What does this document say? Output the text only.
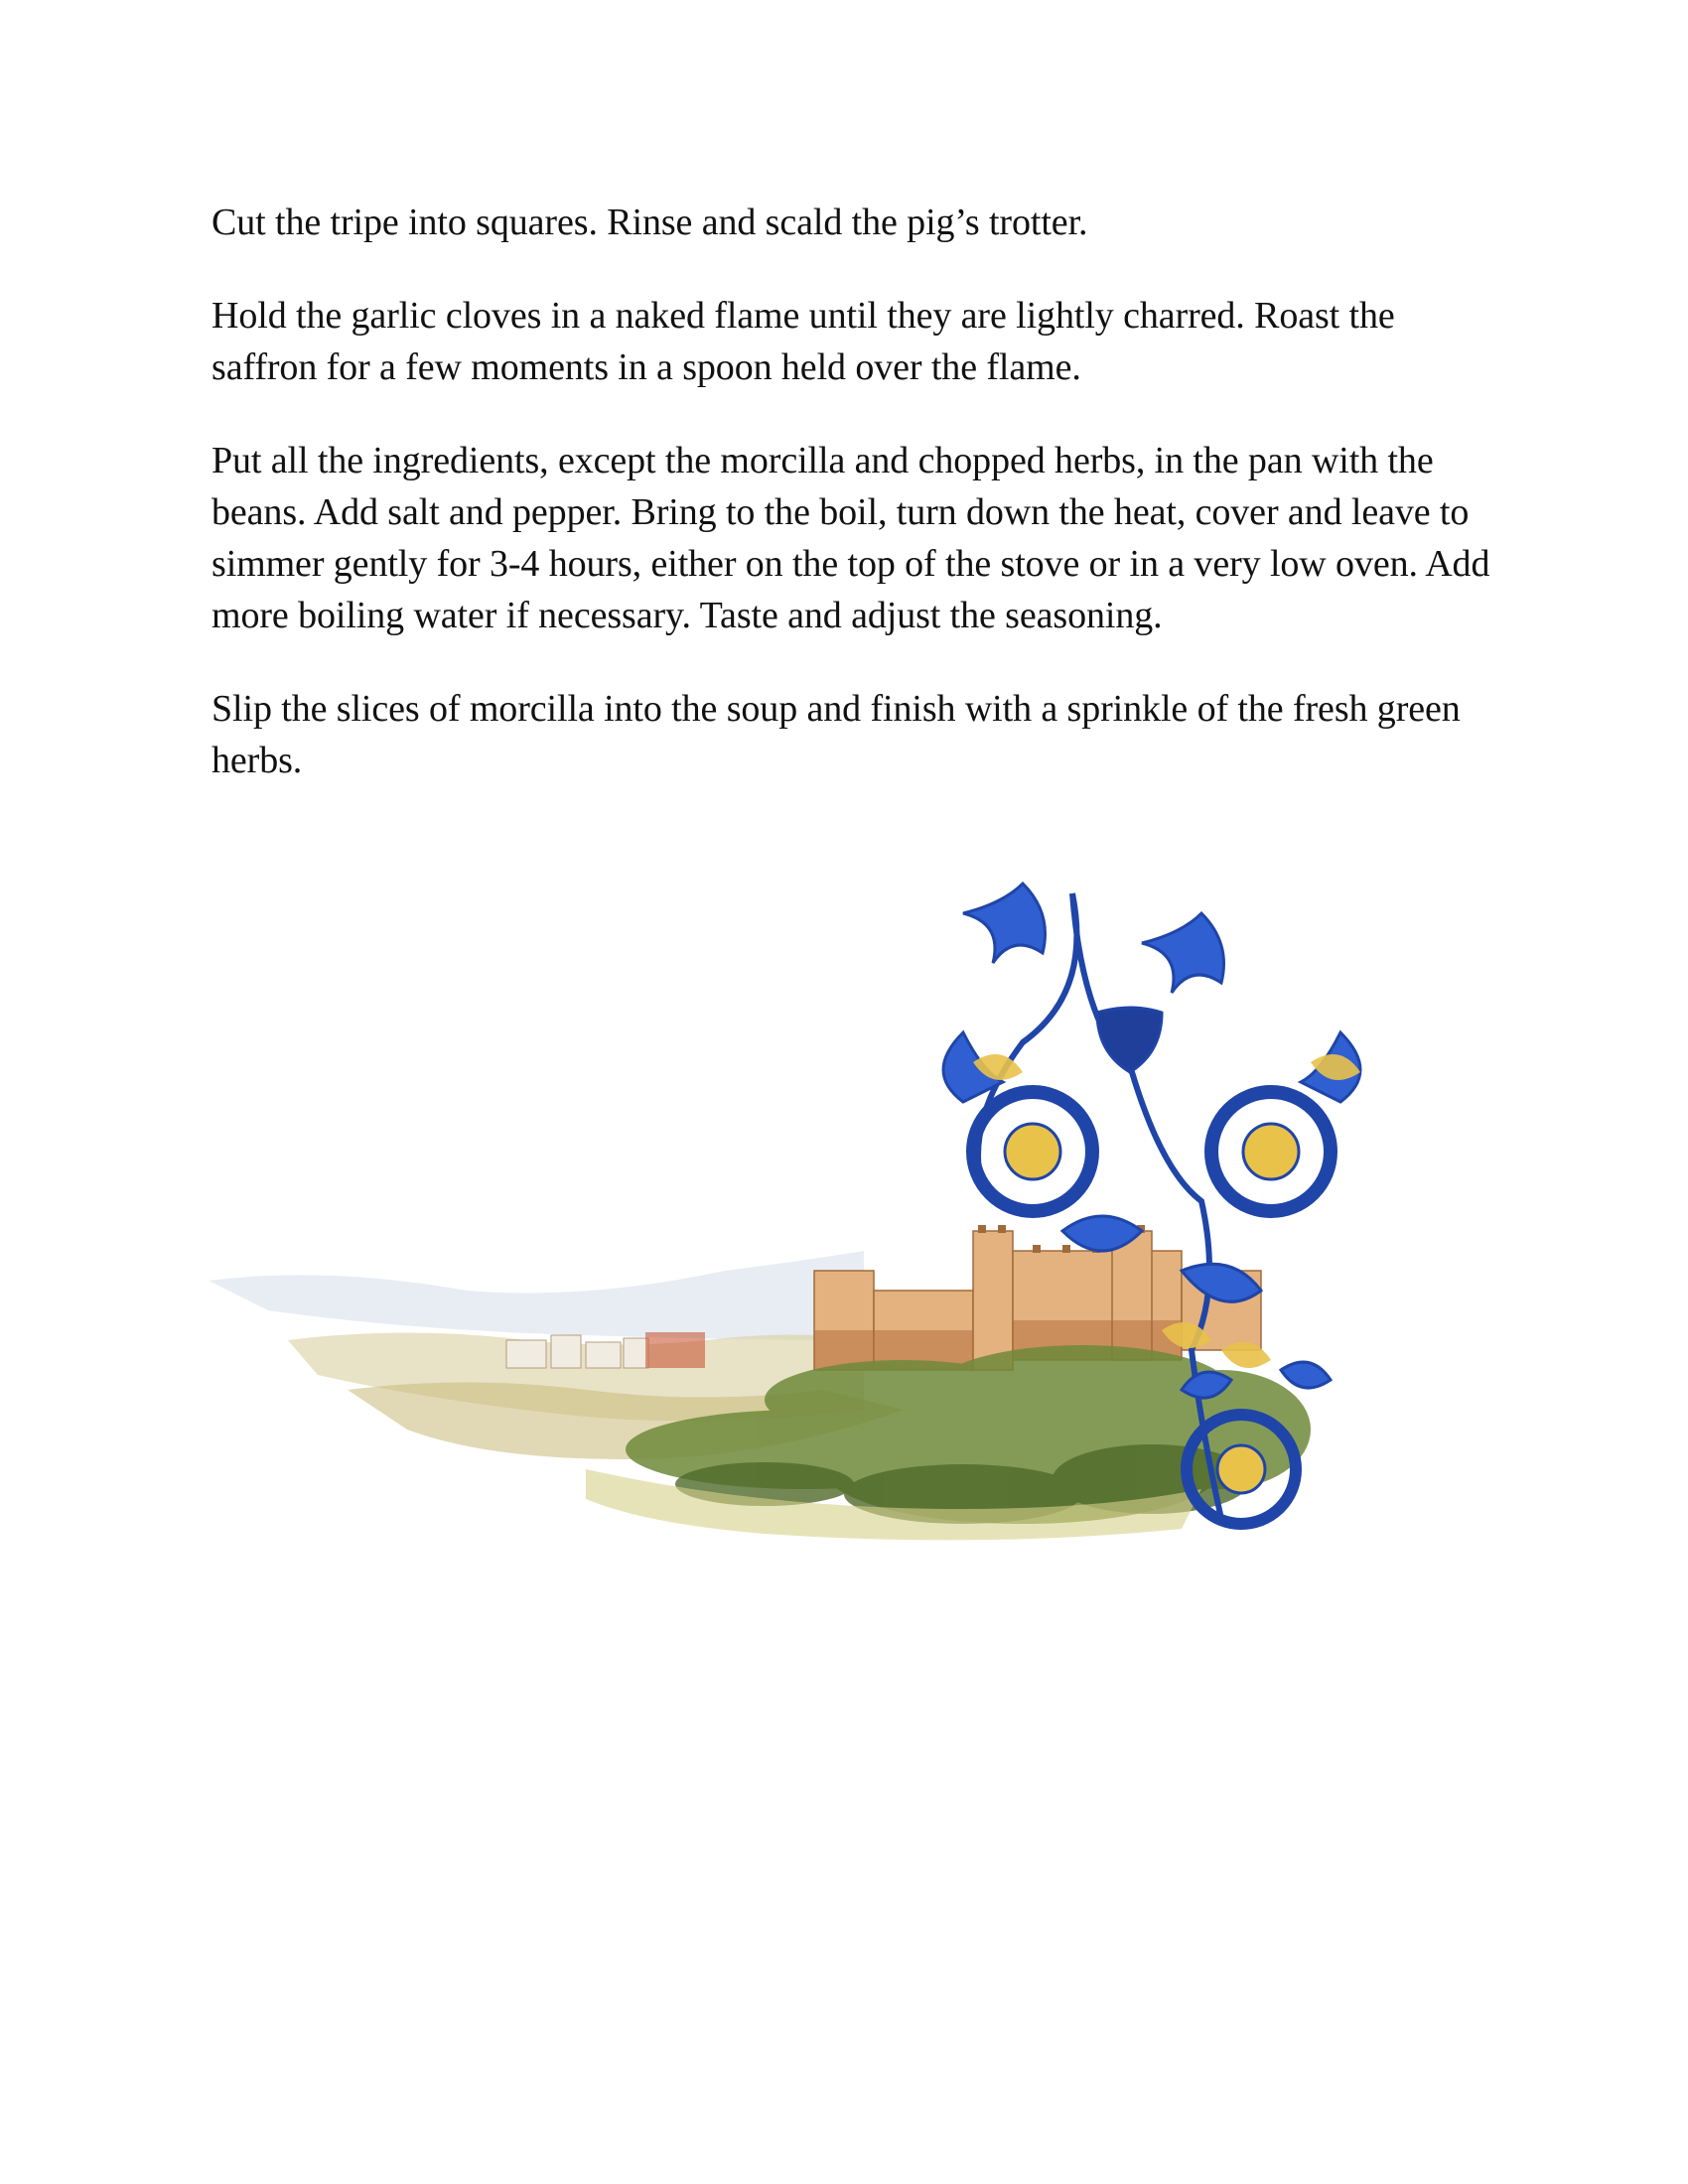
Cut the tripe into squares. Rinse and scald the pig’s trotter.

Hold the garlic cloves in a naked flame until they are lightly charred. Roast the saffron for a few moments in a spoon held over the flame.

Put all the ingredients, except the morcilla and chopped herbs, in the pan with the beans. Add salt and pepper. Bring to the boil, turn down the heat, cover and leave to simmer gently for 3-4 hours, either on the top of the stove or in a very low oven. Add more boiling water if necessary. Taste and adjust the seasoning.

Slip the slices of morcilla into the soup and finish with a sprinkle of the fresh green herbs.
